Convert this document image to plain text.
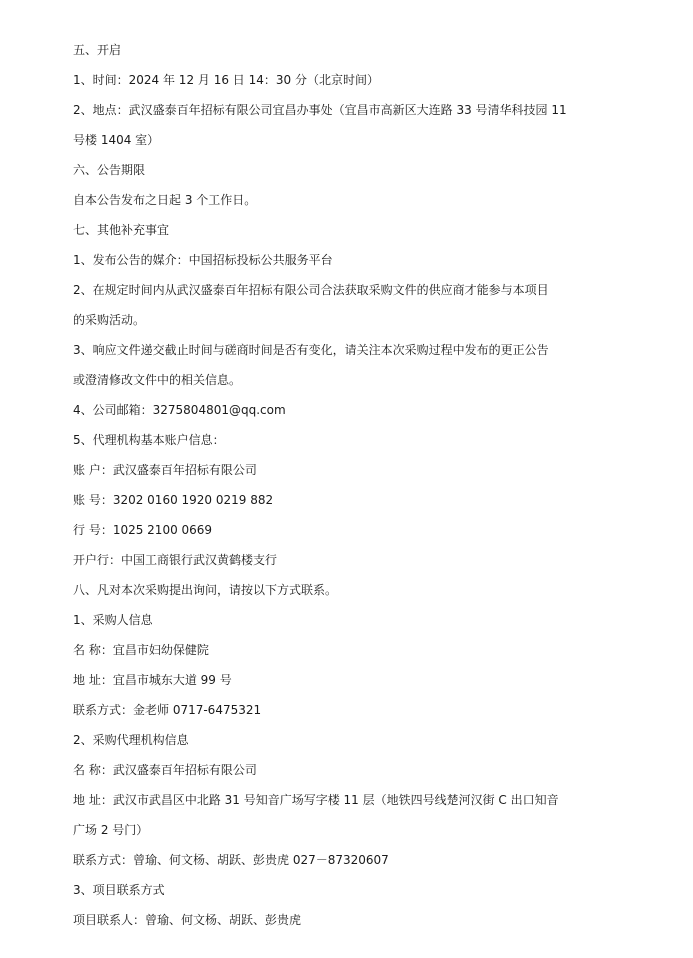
五、开启
1、时间：2024 年 12 月 16 日 14：30 分（北京时间）
2、地点：武汉盛泰百年招标有限公司宜昌办事处（宜昌市高新区大连路 33 号清华科技园 11
号楼 1404 室）
六、公告期限
自本公告发布之日起 3 个工作日。
七、其他补充事宜
1、发布公告的媒介：中国招标投标公共服务平台
2、在规定时间内从武汉盛泰百年招标有限公司合法获取采购文件的供应商才能参与本项目
的采购活动。
3、响应文件递交截止时间与磋商时间是否有变化，请关注本次采购过程中发布的更正公告
或澄清修改文件中的相关信息。
4、公司邮箱：3275804801@qq.com
5、代理机构基本账户信息：
账 户：武汉盛泰百年招标有限公司
账 号：3202 0160 1920 0219 882
行 号：1025 2100 0669
开户行：中国工商银行武汉黄鹤楼支行
八、凡对本次采购提出询问，请按以下方式联系。
1、采购人信息
名 称：宜昌市妇幼保健院
地 址：宜昌市城东大道 99 号
联系方式：金老师 0717-6475321
2、采购代理机构信息
名 称：武汉盛泰百年招标有限公司
地 址：武汉市武昌区中北路 31 号知音广场写字楼 11 层（地铁四号线楚河汉街 C 出口知音
广场 2 号门）
联系方式：曾瑜、何文杨、胡跃、彭贵虎 027－87320607
3、项目联系方式
项目联系人：曾瑜、何文杨、胡跃、彭贵虎
